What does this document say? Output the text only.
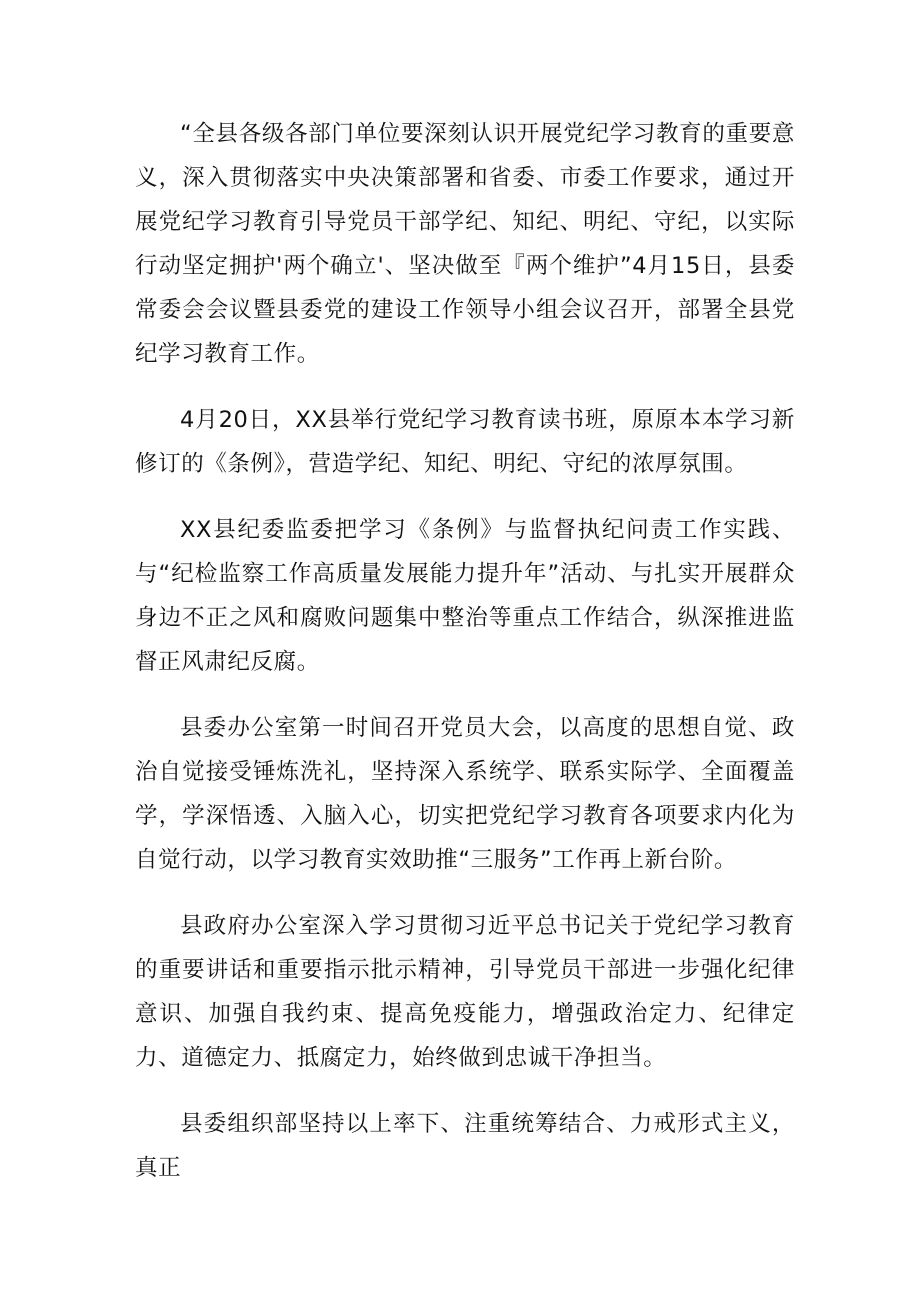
“全县各级各部门单位要深刻认识开展党纪学习教育的重要意义，深入贯彻落实中央决策部署和省委、市委工作要求，通过开展党纪学习教育引导党员干部学纪、知纪、明纪、守纪，以实际行动坚定拥护'两个确立'、坚决做至『两个维护”4月15日，县委常委会会议暨县委党的建设工作领导小组会议召开，部署全县党纪学习教育工作。

4月20日，XX县举行党纪学习教育读书班，原原本本学习新修订的《条例》，营造学纪、知纪、明纪、守纪的浓厚氛围。

XX县纪委监委把学习《条例》与监督执纪问责工作实践、与“纪检监察工作高质量发展能力提升年”活动、与扎实开展群众身边不正之风和腐败问题集中整治等重点工作结合，纵深推进监督正风肃纪反腐。

县委办公室第一时间召开党员大会，以高度的思想自觉、政治自觉接受锤炼洗礼，坚持深入系统学、联系实际学、全面覆盖学，学深悟透、入脑入心，切实把党纪学习教育各项要求内化为自觉行动，以学习教育实效助推“三服务”工作再上新台阶。

县政府办公室深入学习贯彻习近平总书记关于党纪学习教育的重要讲话和重要指示批示精神，引导党员干部进一步强化纪律意识、加强自我约束、提高免疫能力，增强政治定力、纪律定力、道德定力、抵腐定力，始终做到忠诚干净担当。

县委组织部坚持以上率下、注重统筹结合、力戒形式主义，真正
